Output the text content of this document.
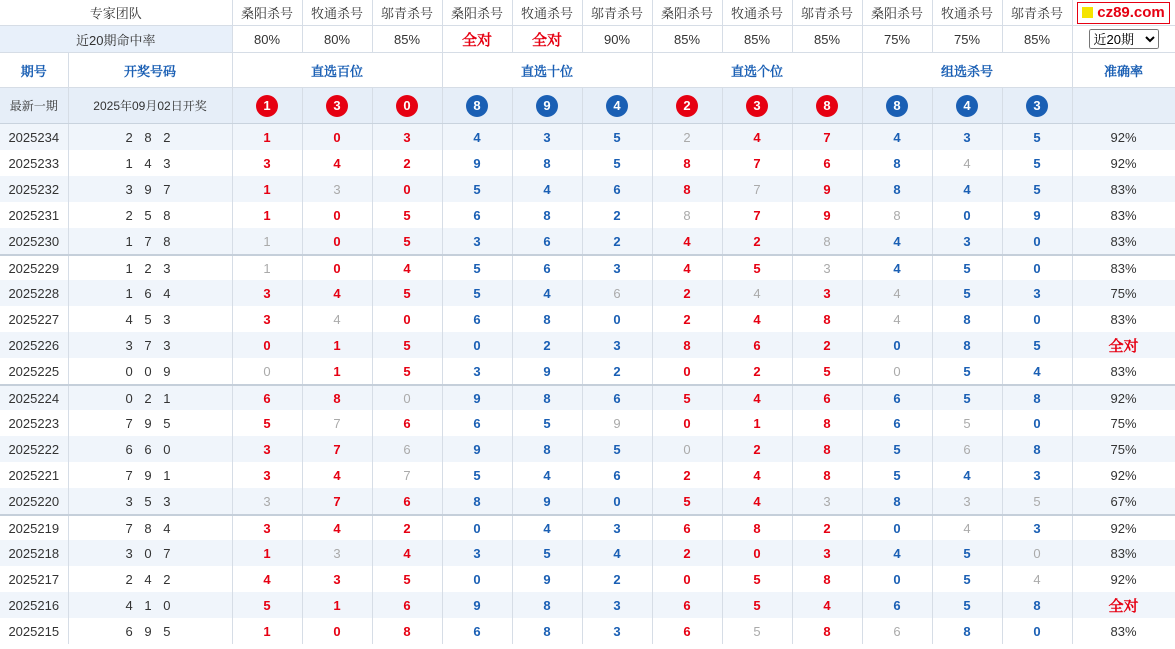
专家团队		桑阳杀号	牧通杀号	邬青杀号	桑阳杀号	牧通杀号	邬青杀号	桑阳杀号	牧通杀号	邬青杀号	桑阳杀号	牧通杀号	邬青杀号	cz89.com

近20期命中率		80%	80%	85%	全对	全对	90%	85%	85%	85%	75%	75%	85%	
近20期
期号	开奖号码	直选百位			直选十位			直选个位			组选杀号			准确率
最新一期	2025年09月02日开奖	1	3	0	8	9	4	2	3	8	8	4	3	
2025234	2 8 2	1	0	3	4	3	5	2	4	7	4	3	5	92%
2025233	1 4 3	3	4	2	9	8	5	8	7	6	8	4	5	92%
2025232	3 9 7	1	3	0	5	4	6	8	7	9	8	4	5	83%
2025231	2 5 8	1	0	5	6	8	2	8	7	9	8	0	9	83%
2025230	1 7 8	1	0	5	3	6	2	4	2	8	4	3	0	83%
2025229	1 2 3	1	0	4	5	6	3	4	5	3	4	5	0	83%
2025228	1 6 4	3	4	5	5	4	6	2	4	3	4	5	3	75%
2025227	4 5 3	3	4	0	6	8	0	2	4	8	4	8	0	83%
2025226	3 7 3	0	1	5	0	2	3	8	6	2	0	8	5	全对
2025225	0 0 9	0	1	5	3	9	2	0	2	5	0	5	4	83%
2025224	0 2 1	6	8	0	9	8	6	5	4	6	6	5	8	92%
2025223	7 9 5	5	7	6	6	5	9	0	1	8	6	5	0	75%
2025222	6 6 0	3	7	6	9	8	5	0	2	8	5	6	8	75%
2025221	7 9 1	3	4	7	5	4	6	2	4	8	5	4	3	92%
2025220	3 5 3	3	7	6	8	9	0	5	4	3	8	3	5	67%
2025219	7 8 4	3	4	2	0	4	3	6	8	2	0	4	3	92%
2025218	3 0 7	1	3	4	3	5	4	2	0	3	4	5	0	83%
2025217	2 4 2	4	3	5	0	9	2	0	5	8	0	5	4	92%
2025216	4 1 0	5	1	6	9	8	3	6	5	4	6	5	8	全对
2025215	6 9 5	1	0	8	6	8	3	6	5	8	6	8	0	83%
